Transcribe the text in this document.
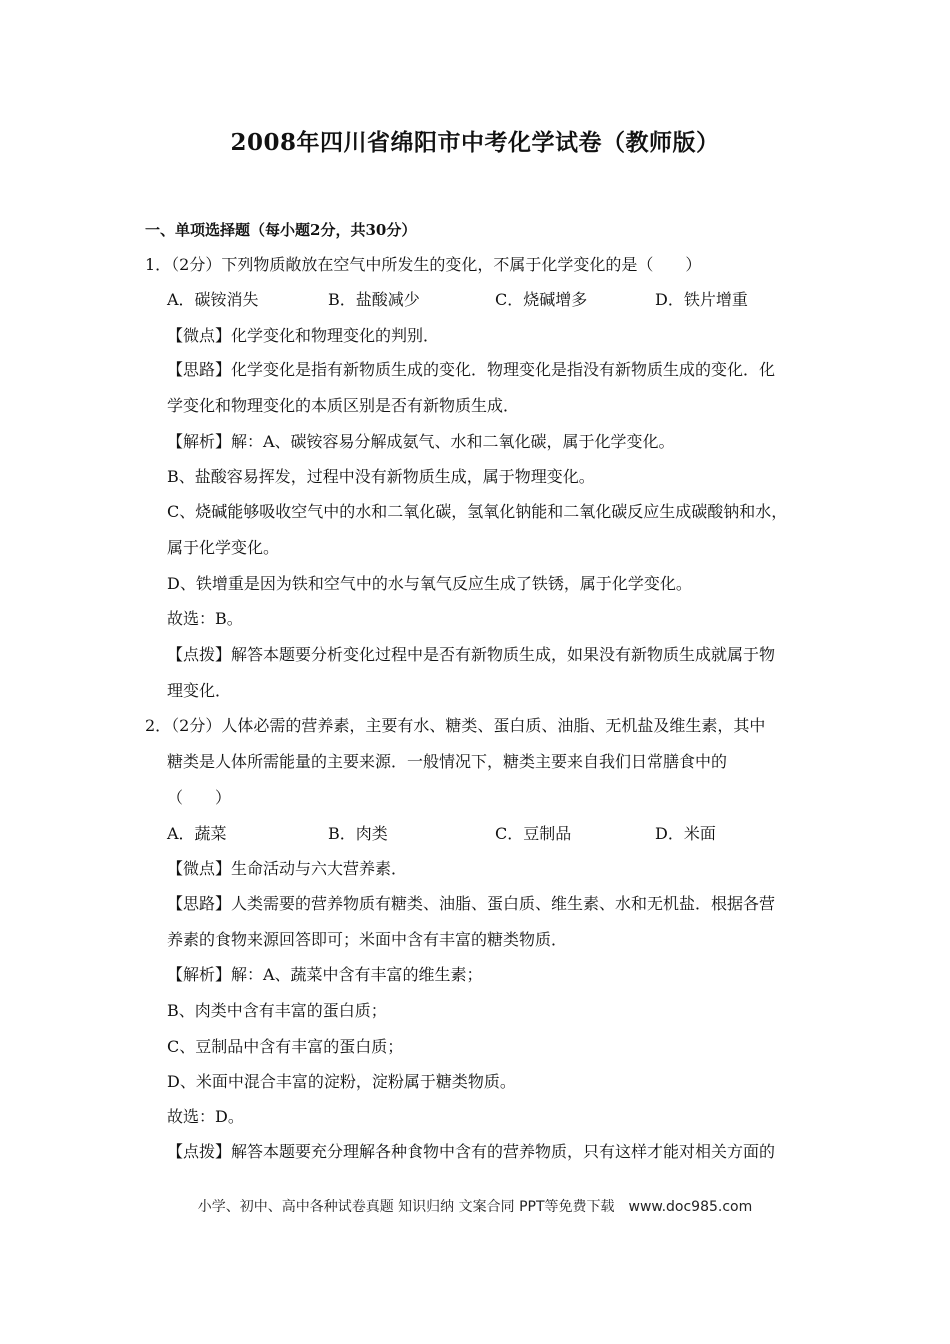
2008年四川省绵阳市中考化学试卷（教师版）
一、单项选择题（每小题2分，共30分）
1．（2分）下列物质敞放在空气中所发生的变化，不属于化学变化的是（　　）
A．碳铵消失	B．盐酸减少	C．烧碱增多	D．铁片增重
【微点】化学变化和物理变化的判别．
【思路】化学变化是指有新物质生成的变化．物理变化是指没有新物质生成的变化．化
学变化和物理变化的本质区别是否有新物质生成．
【解析】解：A、碳铵容易分解成氨气、水和二氧化碳，属于化学变化。
B、盐酸容易挥发，过程中没有新物质生成，属于物理变化。
C、烧碱能够吸收空气中的水和二氧化碳，氢氧化钠能和二氧化碳反应生成碳酸钠和水，
属于化学变化。
D、铁增重是因为铁和空气中的水与氧气反应生成了铁锈，属于化学变化。
故选：B。
【点拨】解答本题要分析变化过程中是否有新物质生成，如果没有新物质生成就属于物
理变化．
2．（2分）人体必需的营养素，主要有水、糖类、蛋白质、油脂、无机盐及维生素，其中
糖类是人体所需能量的主要来源．一般情况下，糖类主要来自我们日常膳食中的
（　　）
A．蔬菜	B．肉类	C．豆制品	D．米面
【微点】生命活动与六大营养素．
【思路】人类需要的营养物质有糖类、油脂、蛋白质、维生素、水和无机盐．根据各营
养素的食物来源回答即可；米面中含有丰富的糖类物质．
【解析】解：A、蔬菜中含有丰富的维生素；
B、肉类中含有丰富的蛋白质；
C、豆制品中含有丰富的蛋白质；
D、米面中混合丰富的淀粉，淀粉属于糖类物质。
故选：D。
【点拨】解答本题要充分理解各种食物中含有的营养物质，只有这样才能对相关方面的
小学、初中、高中各种试卷真题 知识归纳 文案合同 PPT等免费下载　www.doc985.com
